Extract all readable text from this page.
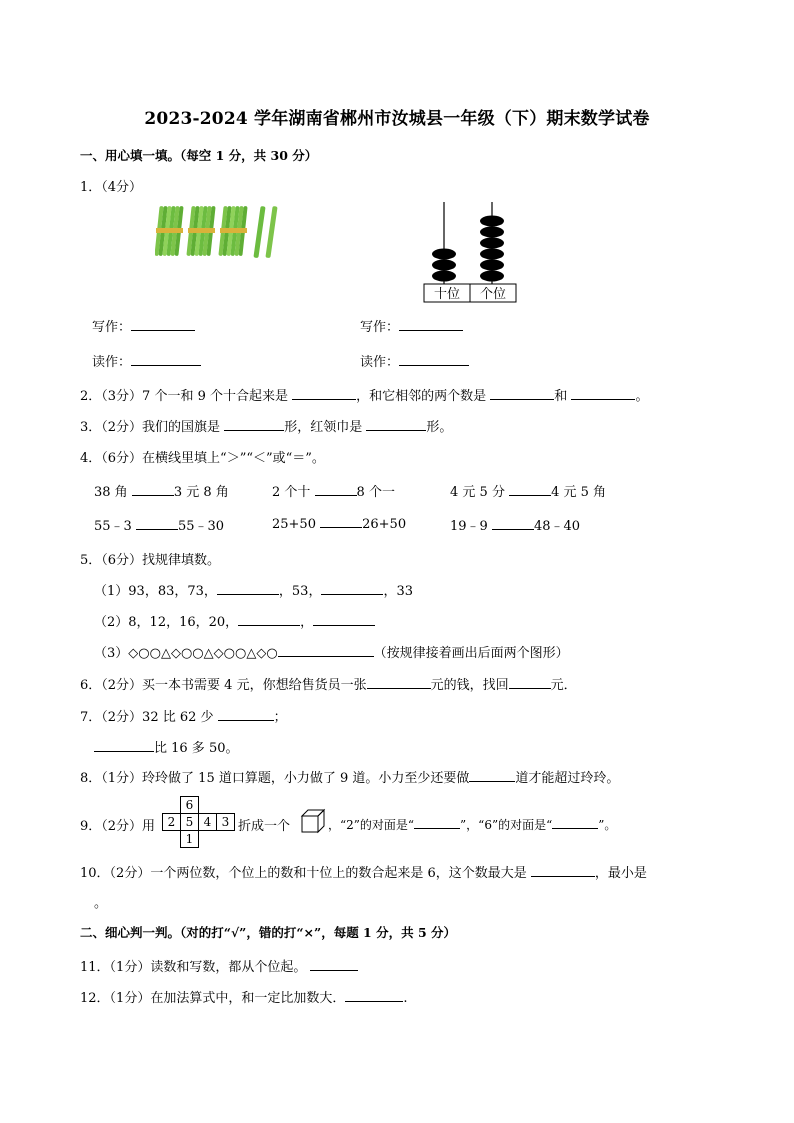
2023-2024 学年湖南省郴州市汝城县一年级（下）期末数学试卷
一、用心填一填。（每空 1 分，共 30 分）
1．（4分）
十位 个位
写作：
读作：
写作：
读作：
2．（3分）7 个一和 9 个十合起来是	，和它相邻的两个数是	和	。
3．（2分）我们的国旗是	形，红领巾是	形。
4．（6分）在横线里填上“＞”“＜”或“＝”。
38 角	3 元 8 角	2 个十	8 个一	4 元 5 分	4 元 5 角
55﹣3	55﹣30	25+50	26+50	19﹣9	48﹣40
5．（6分）找规律填数。
（1）93，83，73，	，53，	，33
（2）8，12，16，20，	，
（3）◇○○△◇○○△◇○○△◇○	（按规律接着画出后面两个图形）
6．（2分）买一本书需要 4 元，你想给售货员一张	元的钱，找回	元．
7．（2分）32 比 62 少	；
比 16 多 50。
8．（1分）玲玲做了 15 道口算题，小力做了 9 道。小力至少还要做	道才能超过玲玲。
9．（2分）用
	6		
2	5	4	3
	1		
折成一个	，“2”的对面是“	”，“6”的对面是“	”。
10．（2分）一个两位数，个位上的数和十位上的数合起来是 6，这个数最大是	，最小是
。
二、细心判一判。（对的打“√”，错的打“×”，每题 1 分，共 5 分）
11．（1分）读数和写数，都从个位起。
12．（1分）在加法算式中，和一定比加数大．	.
